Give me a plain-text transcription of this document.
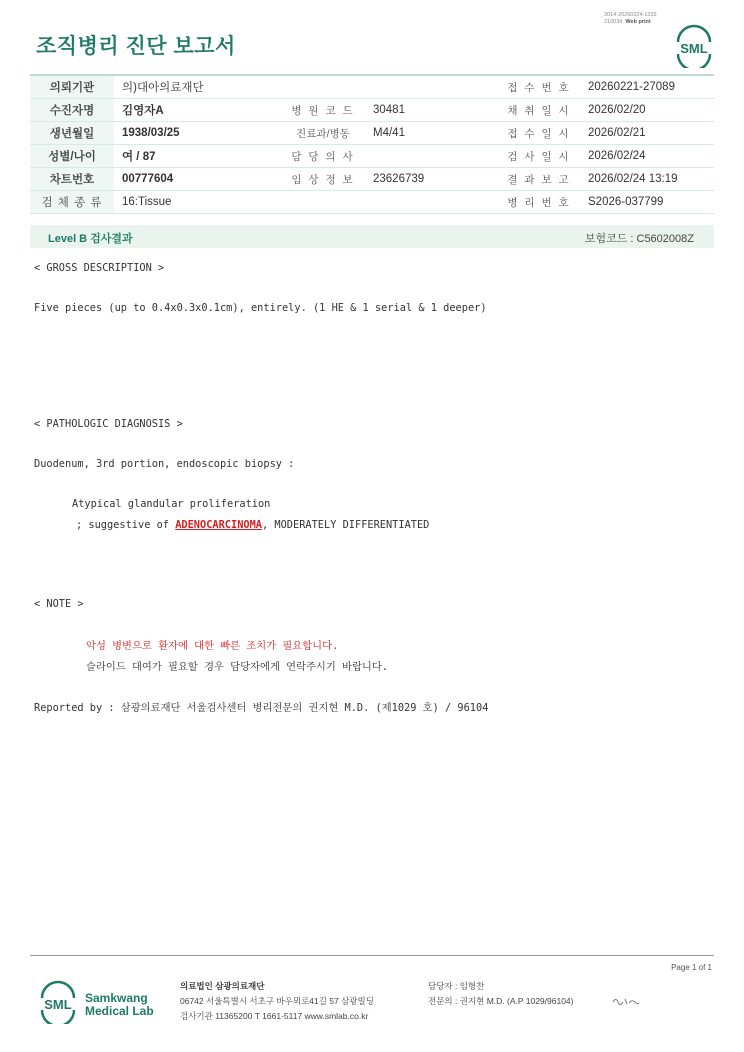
3014-20260224-1333
210034 Web print
조직병리 진단 보고서	SML
의뢰기관	의)대아의료재단			접 수 번 호	20260221-27089
수진자명	김영자A	병 원 코 드	30481	채 취 일 시	2026/02/20
생년월일	1938/03/25	진료과/병동	M4/41	접 수 일 시	2026/02/21
성별/나이	여 / 87	담 당 의 사		검 사 일 시	2026/02/24
차트번호	00777604	임 상 정 보	23626739	결 과 보 고	2026/02/24 13:19
검 체 종 류	16:Tissue			병 리 번 호	S2026-037799
Level B 검사결과	보험코드 : C5602008Z
< GROSS DESCRIPTION >
Five pieces (up to 0.4x0.3x0.1cm), entirely. (1 HE & 1 serial & 1 deeper)
< PATHOLOGIC DIAGNOSIS >
Duodenum, 3rd portion, endoscopic biopsy :
Atypical glandular proliferation
; suggestive of ADENOCARCINOMA, MODERATELY DIFFERENTIATED
< NOTE >
악성 병변으로 환자에 대한 빠른 조치가 필요합니다.
슬라이드 대여가 필요할 경우 담당자에게 연락주시기 바랍니다.
Reported by : 삼광의료재단 서울검사센터 병리전문의 권지현 M.D. (제1029 호) / 96104
Page 1 of 1
SML Samkwang
Medical Lab
의료법인 삼광의료재단
06742 서울특별시 서초구 바우뫼로41길 57 삼광빌딩
검사기관 11365200 T 1661-5117 www.smlab.co.kr
담당자 : 임형찬
전문의 : 권지현 M.D. (A.P 1029/96104)
